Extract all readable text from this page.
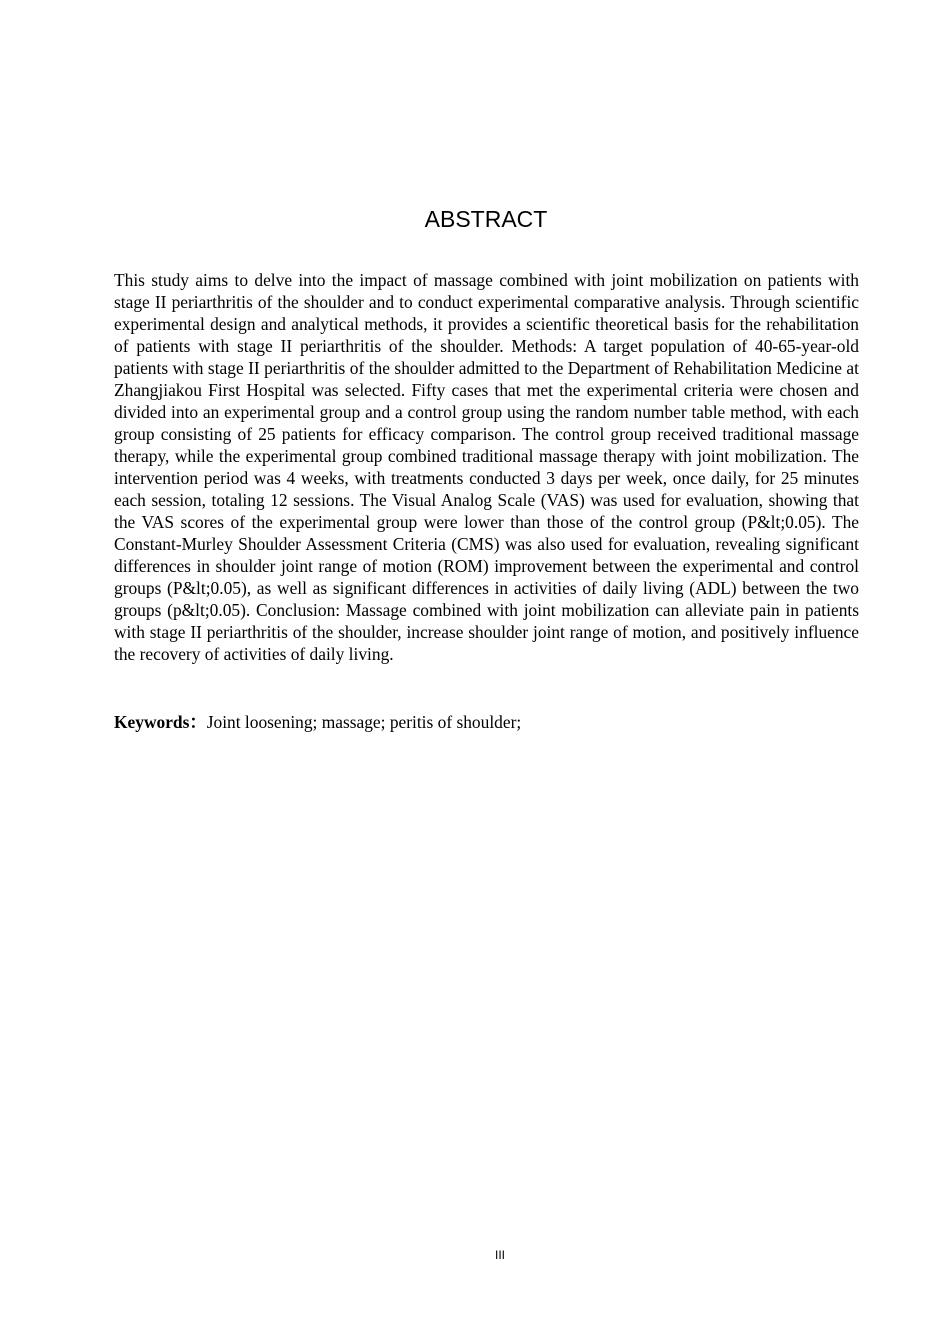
ABSTRACT

This study aims to delve into the impact of massage combined with joint mobilization on patients with stage II periarthritis of the shoulder and to conduct experimental comparative analysis. Through scientific experimental design and analytical methods, it provides a scientific theoretical basis for the rehabilitation of patients with stage II periarthritis of the shoulder. Methods: A target population of 40-65-year-old patients with stage II periarthritis of the shoulder admitted to the Department of Rehabilitation Medicine at Zhangjiakou First Hospital was selected. Fifty cases that met the experimental criteria were chosen and divided into an experimental group and a control group using the random number table method, with each group consisting of 25 patients for efficacy comparison. The control group received traditional massage therapy, while the experimental group combined traditional massage therapy with joint mobilization. The intervention period was 4 weeks, with treatments conducted 3 days per week, once daily, for 25 minutes each session, totaling 12 sessions. The Visual Analog Scale (VAS) was used for evaluation, showing that the VAS scores of the experimental group were lower than those of the control group (P&lt;0.05). The Constant-Murley Shoulder Assessment Criteria (CMS) was also used for evaluation, revealing significant differences in shoulder joint range of motion (ROM) improvement between the experimental and control groups (P&lt;0.05), as well as significant differences in activities of daily living (ADL) between the two groups (p&lt;0.05). Conclusion: Massage combined with joint mobilization can alleviate pain in patients with stage II periarthritis of the shoulder, increase shoulder joint range of motion, and positively influence the recovery of activities of daily living.

Keywords：Joint loosening; massage; peritis of shoulder;

III
